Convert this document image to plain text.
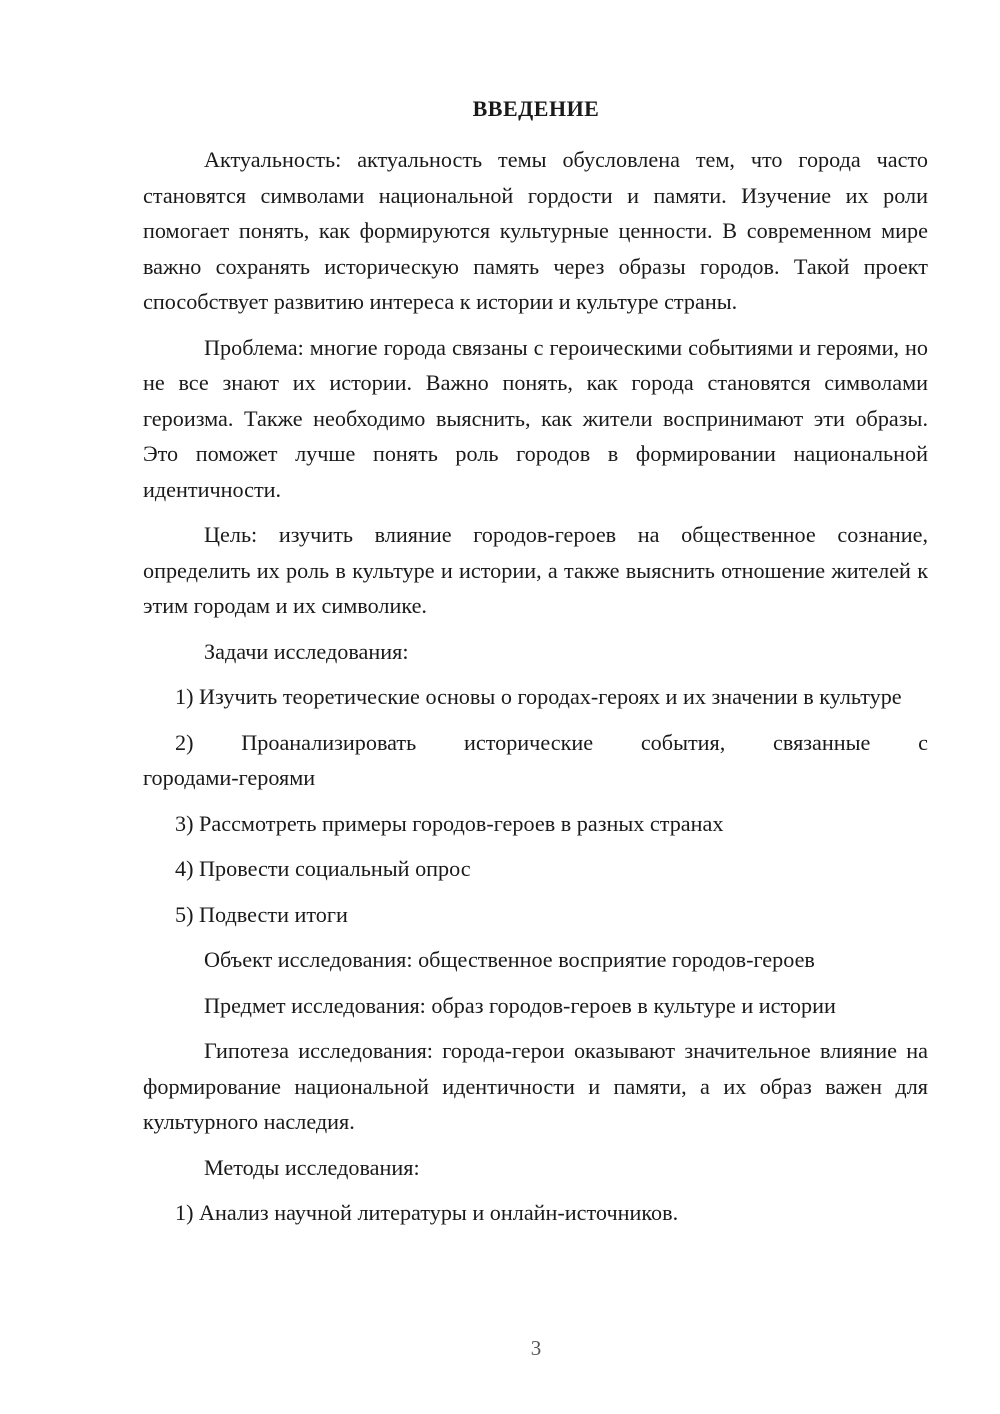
ВВЕДЕНИЕ

Актуальность: актуальность темы обусловлена тем, что города часто становятся символами национальной гордости и памяти. Изучение их роли помогает понять, как формируются культурные ценности. В современном мире важно сохранять историческую память через образы городов. Такой проект способствует развитию интереса к истории и культуре страны.

Проблема: многие города связаны с героическими событиями и героями, но не все знают их истории. Важно понять, как города становятся символами героизма. Также необходимо выяснить, как жители воспринимают эти образы. Это поможет лучше понять роль городов в формировании национальной идентичности.

Цель: изучить влияние городов-героев на общественное сознание, определить их роль в культуре и истории, а также выяснить отношение жителей к этим городам и их символике.

Задачи исследования:

1) Изучить теоретические основы о городах-героях и их значении в культуре

2) Проанализировать исторические события, связанные с городами-героями

3) Рассмотреть примеры городов-героев в разных странах

4) Провести социальный опрос

5) Подвести итоги

Объект исследования: общественное восприятие городов-героев

Предмет исследования: образ городов-героев в культуре и истории

Гипотеза исследования: города-герои оказывают значительное влияние на формирование национальной идентичности и памяти, а их образ важен для культурного наследия.

Методы исследования:

1) Анализ научной литературы и онлайн-источников.

3
